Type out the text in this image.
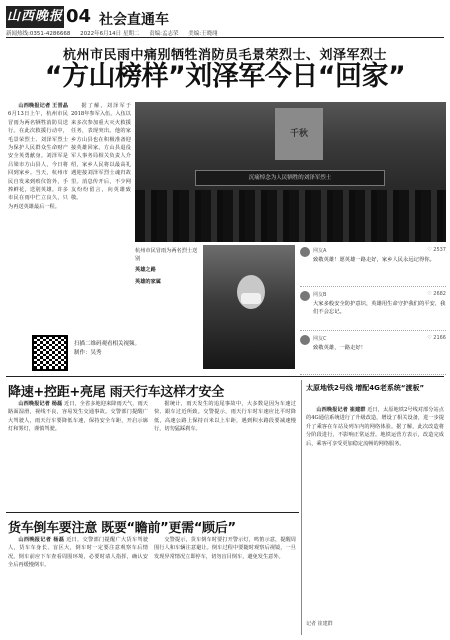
山西晚报 04 社会直通车
新闻热线:0351-4286668 2022年6月14日 星期二 责编:孟志荣 美编:王晓翊
杭州市民雨中痛别牺牲消防员毛景荣烈士、刘泽军烈士
“方山榜样”刘泽军今日“回家”

山西晚报记者 王晋晶 6月13日上午，杭州市民冒雨为两名牺牲消防员送行。在此次救援行动中，毛景荣烈士、刘泽军烈士为保护人民群众生命财产安全英勇献身。刘泽军是吕梁市方山县人，今日将回到家乡。当天，杭州市民自发来到殡仪馆外，手捧鲜花，送别英雄。许多市民在雨中伫立良久，只为再送英雄最后一程。

据了解，刘泽军于2018年参军入伍，入伍以来多次参加重大灭火救援任务，表现突出。他的家乡方山县也在积极准备迎接英雄回家。方山县退役军人事务局相关负责人介绍，家乡人民将以最高礼遇迎接刘泽军烈士魂归故里。消息传开后，不少网友纷纷留言，向英雄致敬。

千秋
沉痛悼念为人民牺牲的刘泽军烈士
杭州市民冒雨为两名烈士送别
英雄之路
英雄的家属
扫描二维码观看相关视频。
制作：吴秀
网友A	♡ 2537
致敬英雄！愿英雄一路走好，家乡人民永远记得你。
网友B	♡ 2682
大家多般安全防护意识，英雄用生命守护我们的平安，我们不会忘记。
网友C	♡ 2166
致敬英雄，一路走好！
降速+控距+亮尾 雨天行车这样才安全

山西晚报记者 杨磊 近日，全省多地迎来降雨天气，雨天路面湿滑，视线不良，容易发生交通事故。交警部门提醒广大驾驶人，雨天行车要降低车速，保持安全车距，开启示廓灯和雾灯，谨慎驾驶。

据统计，雨天发生的追尾事故中，大多数是因为车速过快、跟车过近所致。交警提示，雨天行车时车速应比平时降低，高速公路上保持百米以上车距，遇到积水路段要减速慢行，切勿猛踩刹车。

货车倒车要注意 既要“瞻前”更需“顾后”

山西晚报记者 杨磊 近日，交警部门提醒广大货车驾驶人，货车车身长、盲区大，倒车时一定要注意观察车后情况。倒车前应下车查看周围环境，必要时请人指挥，确认安全后再缓慢倒车。

交警提示，货车倒车时要打开警示灯，鸣笛示意，提醒周围行人和车辆注意避让。倒车过程中要随时观察后视镜，一旦发现异常情况立即停车，切勿盲目倒车，避免发生意外。

太原地铁2号线 增配4G老系统“渡板”

山西晚报记者 崔建群 近日，太原地铁2号线对部分站点的4G通信系统进行了升级改造，增设了相关设备，进一步提升了乘客在车站及列车内的网络体验。据了解，此次改造将分阶段进行，不影响正常运营。地铁运营方表示，改造完成后，乘客可享受更加稳定流畅的网络服务。

记者 崔建群
